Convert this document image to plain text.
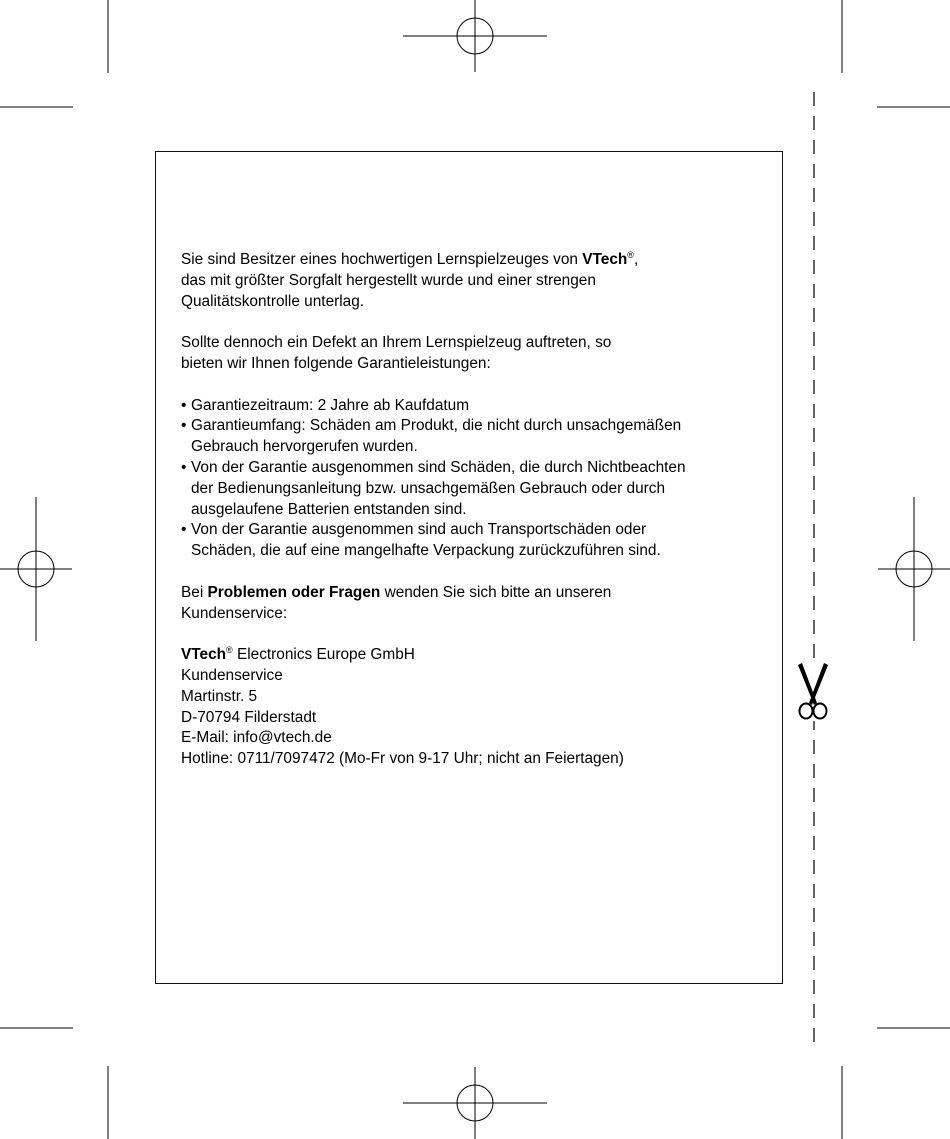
Sie sind Besitzer eines hochwertigen Lernspielzeuges von VTech®,
das mit größter Sorgfalt hergestellt wurde und einer strengen
Qualitätskontrolle unterlag.

Sollte dennoch ein Defekt an Ihrem Lernspielzeug auftreten, so
bieten wir Ihnen folgende Garantieleistungen:

• Garantiezeitraum: 2 Jahre ab Kaufdatum
• Garantieumfang: Schäden am Produkt, die nicht durch unsachgemäßen
Gebrauch hervorgerufen wurden.
• Von der Garantie ausgenommen sind Schäden, die durch Nichtbeachten
der Bedienungsanleitung bzw. unsachgemäßen Gebrauch oder durch
ausgelaufene Batterien entstanden sind.
• Von der Garantie ausgenommen sind auch Transportschäden oder
Schäden, die auf eine mangelhafte Verpackung zurückzuführen sind.

Bei Problemen oder Fragen wenden Sie sich bitte an unseren
Kundenservice:

VTech® Electronics Europe GmbH
Kundenservice
Martinstr. 5
D-70794 Filderstadt
E-Mail: info@vtech.de
Hotline: 0711/7097472 (Mo-Fr von 9-17 Uhr; nicht an Feiertagen)
